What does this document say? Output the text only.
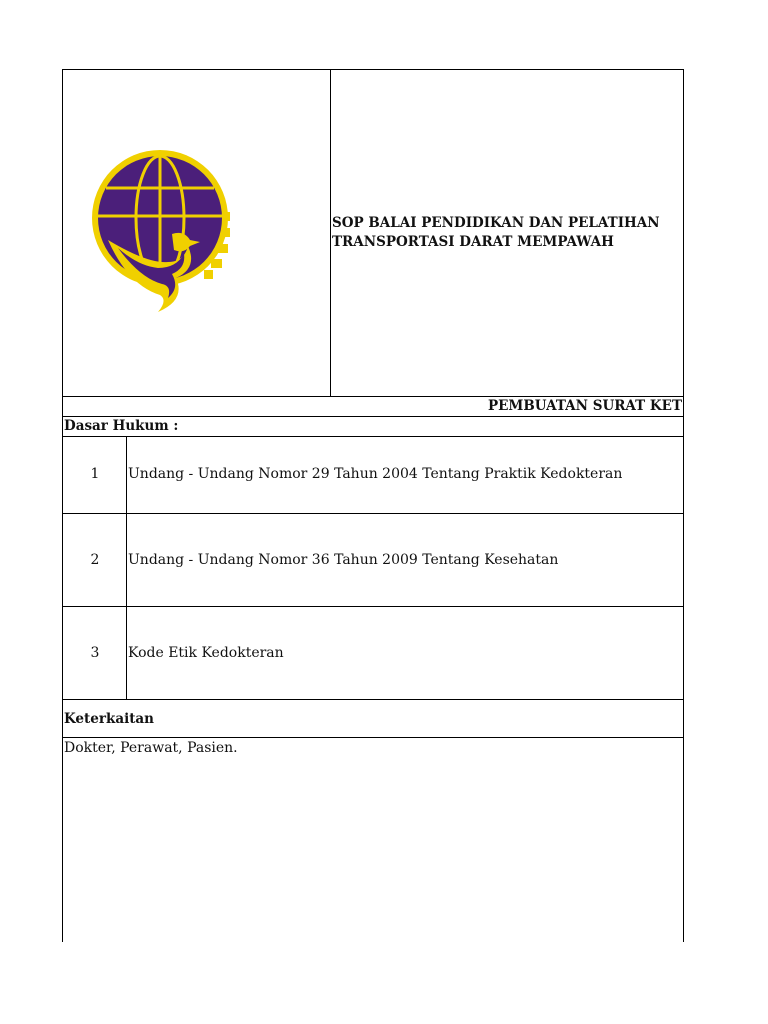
SOP BALAI PENDIDIKAN DAN PELATIHAN
TRANSPORTASI DARAT MEMPAWAH
PEMBUATAN SURAT KET
Dasar Hukum :
1	Undang - Undang Nomor 29 Tahun 2004 Tentang Praktik Kedokteran
2	Undang - Undang Nomor 36 Tahun 2009 Tentang Kesehatan
3	Kode Etik Kedokteran
Keterkaitan
Dokter, Perawat, Pasien.
